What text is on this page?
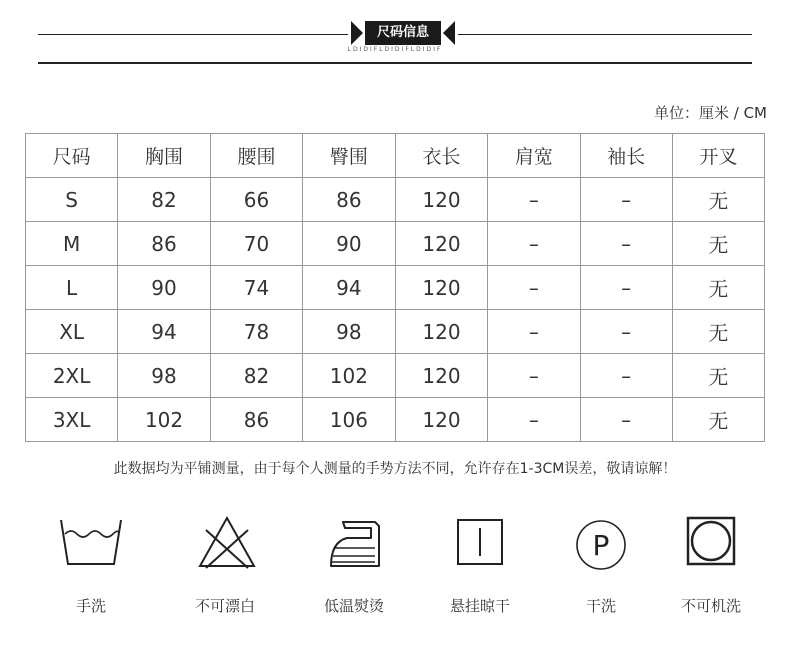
尺码信息
LDIDIFLDIDIFLDIDIF
单位：厘米 / CM
尺码	胸围	腰围	臀围	衣长	肩宽	袖长	开叉
S	82	66	86	120	–	–	无
M	86	70	90	120	–	–	无
L	90	74	94	120	–	–	无
XL	94	78	98	120	–	–	无
2XL	98	82	102	120	–	–	无
3XL	102	86	106	120	–	–	无
此数据均为平铺测量，由于每个人测量的手势方法不同，允许存在1-3CM误差，敬请谅解！
手洗	不可漂白	低温熨烫	悬挂晾干
P
干洗	不可机洗
